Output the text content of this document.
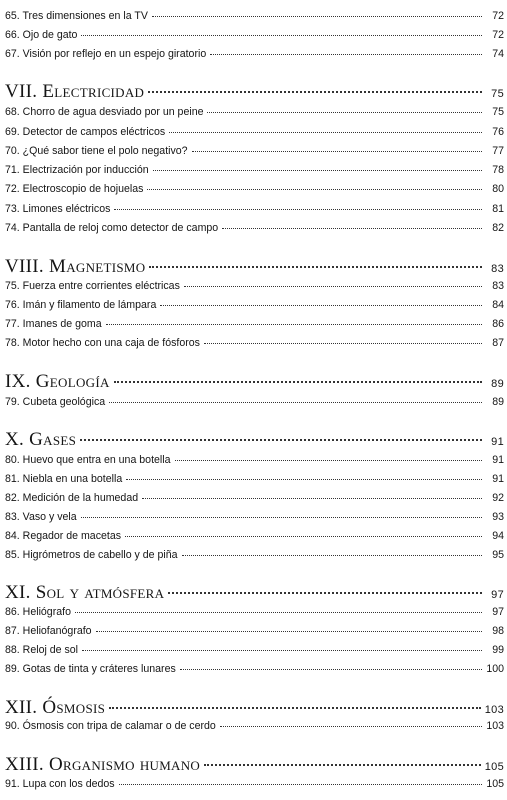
65. Tres dimensiones en la TV	72
66. Ojo de gato	72
67. Visión por reflejo en un espejo giratorio	74
VII. Electricidad	75
68. Chorro de agua desviado por un peine	75
69. Detector de campos eléctricos	76
70. ¿Qué sabor tiene el polo negativo?	77
71. Electrización por inducción	78
72. Electroscopio de hojuelas	80
73. Limones eléctricos	81
74. Pantalla de reloj como detector de campo	82
VIII. Magnetismo	83
75. Fuerza entre corrientes eléctricas	83
76. Imán y filamento de lámpara	84
77. Imanes de goma	86
78. Motor hecho con una caja de fósforos	87
IX. Geología	89
79. Cubeta geológica	89
X. Gases	91
80. Huevo que entra en una botella	91
81. Niebla en una botella	91
82. Medición de la humedad	92
83. Vaso y vela	93
84. Regador de macetas	94
85. Higrómetros de cabello y de piña	95
XI. Sol y atmósfera	97
86. Heliógrafo	97
87. Heliofanógrafo	98
88. Reloj de sol	99
89. Gotas de tinta y cráteres lunares	100
XII. Ósmosis	103
90. Ósmosis con tripa de calamar o de cerdo	103
XIII. Organismo humano	105
91. Lupa con los dedos	105
